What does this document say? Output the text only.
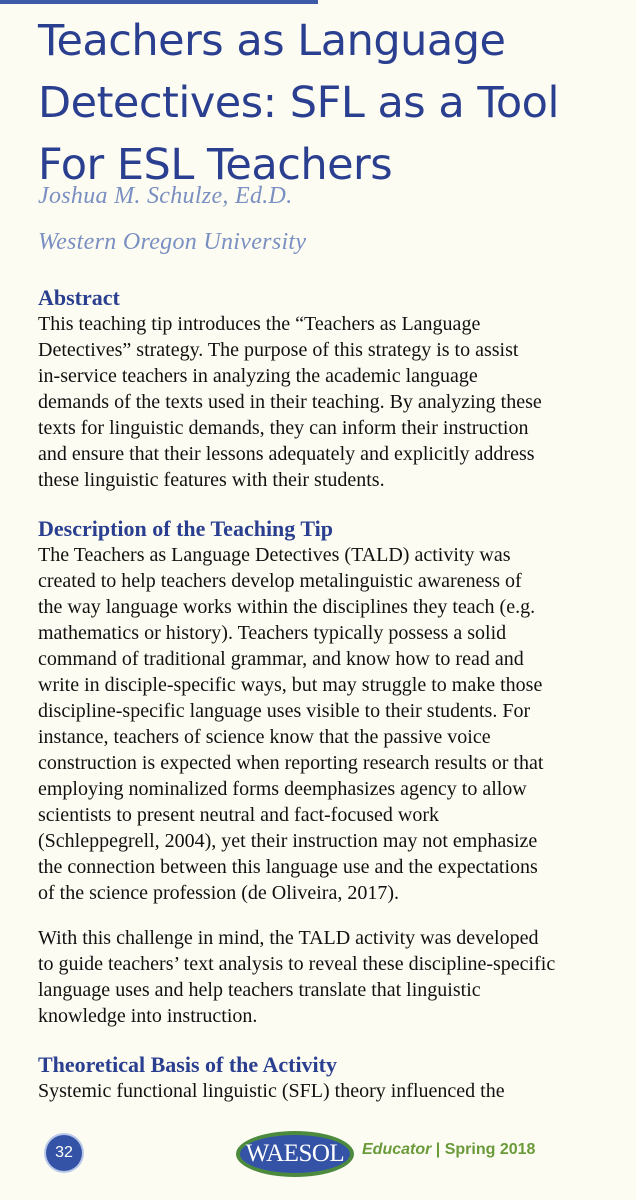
Teachers as Language
Detectives: SFL as a Tool
For ESL Teachers
Joshua M. Schulze, Ed.D.
Western Oregon University
Abstract
This teaching tip introduces the “Teachers as Language
Detectives” strategy. The purpose of this strategy is to assist
in-service teachers in analyzing the academic language
demands of the texts used in their teaching. By analyzing these
texts for linguistic demands, they can inform their instruction
and ensure that their lessons adequately and explicitly address
these linguistic features with their students.
Description of the Teaching Tip
The Teachers as Language Detectives (TALD) activity was
created to help teachers develop metalinguistic awareness of
the way language works within the disciplines they teach (e.g.
mathematics or history). Teachers typically possess a solid
command of traditional grammar, and know how to read and
write in disciple-specific ways, but may struggle to make those
discipline-specific language uses visible to their students. For
instance, teachers of science know that the passive voice
construction is expected when reporting research results or that
employing nominalized forms deemphasizes agency to allow
scientists to present neutral and fact-focused work
(Schleppegrell, 2004), yet their instruction may not emphasize
the connection between this language use and the expectations
of the science profession (de Oliveira, 2017).
With this challenge in mind, the TALD activity was developed
to guide teachers’ text analysis to reveal these discipline-specific
language uses and help teachers translate that linguistic
knowledge into instruction.
Theoretical Basis of the Activity
Systemic functional linguistic (SFL) theory influenced the
32	WAESOL	Educator | Spring 2018
